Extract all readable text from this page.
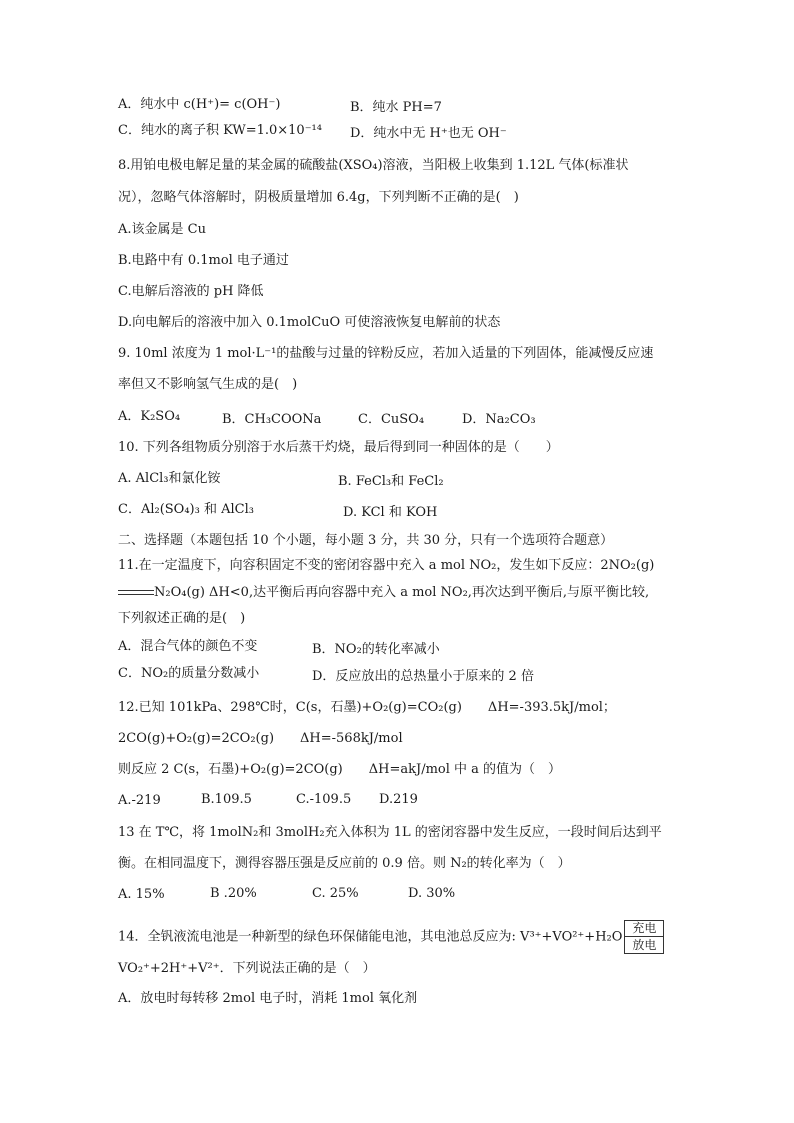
A．纯水中 c(H⁺)= c(OH⁻)	B．纯水 PH=7
C．纯水的离子积 KW=1.0×10⁻¹⁴ D．纯水中无 H⁺也无 OH⁻
8.用铂电极电解足量的某金属的硫酸盐(XSO₄)溶液，当阳极上收集到 1.12L 气体(标准状
况），忽略气体溶解时，阴极质量增加 6.4g，下列判断不正确的是(　)
A.该金属是 Cu
B.电路中有 0.1mol 电子通过
C.电解后溶液的 pH 降低
D.向电解后的溶液中加入 0.1molCuO 可使溶液恢复电解前的状态
9. 10ml 浓度为 1 mol·L⁻¹的盐酸与过量的锌粉反应，若加入适量的下列固体，能减慢反应速
率但又不影响氢气生成的是(　)
A．K₂SO₄	B．CH₃COONa	C．CuSO₄	D．Na₂CO₃
10. 下列各组物质分别溶于水后蒸干灼烧，最后得到同一种固体的是（　　）
A. AlCl₃和氯化铵	B. FeCl₃和 FeCl₂
C．Al₂(SO₄)₃ 和 AlCl₃	D. KCl 和 KOH
二、选择题（本题包括 10 个小题，每小题 3 分，共 30 分，只有一个选项符合题意）
11.在一定温度下，向容积固定不变的密闭容器中充入 a mol NO₂，发生如下反应：2NO₂(g)
N₂O₄(g) ΔH<0,达平衡后再向容器中充入 a mol NO₂,再次达到平衡后,与原平衡比较,
下列叙述正确的是(　)
A．混合气体的颜色不变	B．NO₂的转化率减小
C．NO₂的质量分数减小	D．反应放出的总热量小于原来的 2 倍
12.已知 101kPa、298℃时，C(s，石墨)+O₂(g)=CO₂(g)　　ΔH=-393.5kJ/mol；
2CO(g)+O₂(g)=2CO₂(g)　　ΔH=-568kJ/mol
则反应 2 C(s，石墨)+O₂(g)=2CO(g)　　ΔH=akJ/mol 中 a 的值为（　）
A.-219	B.109.5	C.-109.5 D.219
13 在 T℃，将 1molN₂和 3molH₂充入体积为 1L 的密闭容器中发生反应，一段时间后达到平
衡。在相同温度下，测得容器压强是反应前的 0.9 倍。则 N₂的转化率为（　）
A. 15%	B .20%	C. 25%	D. 30%
14．全钒液流电池是一种新型的绿色环保储能电池，其电池总反应为: V³⁺+VO²⁺+H₂O
充电
放电
VO₂⁺+2H⁺+V²⁺．下列说法正确的是（　）
A．放电时每转移 2mol 电子时，消耗 1mol 氧化剂
